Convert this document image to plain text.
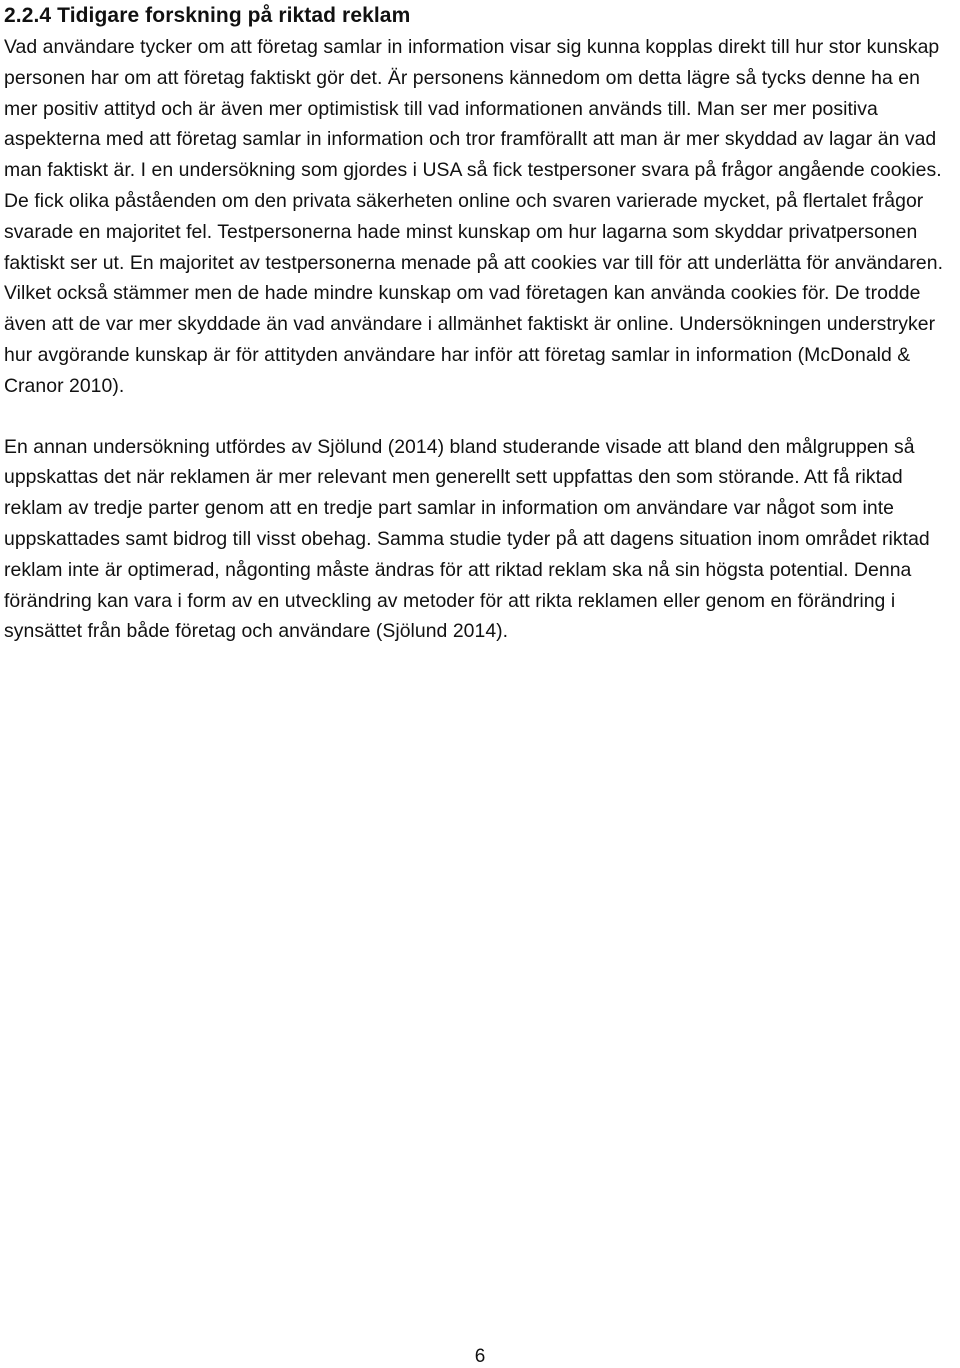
2.2.4 Tidigare forskning på riktad reklam

Vad användare tycker om att företag samlar in information visar sig kunna kopplas direkt till hur stor kunskap personen har om att företag faktiskt gör det. Är personens kännedom om detta lägre så tycks denne ha en mer positiv attityd och är även mer optimistisk till vad informationen används till. Man ser mer positiva aspekterna med att företag samlar in information och tror framförallt att man är mer skyddad av lagar än vad man faktiskt är. I en undersökning som gjordes i USA så fick testpersoner svara på frågor angående cookies. De fick olika påståenden om den privata säkerheten online och svaren varierade mycket, på flertalet frågor svarade en majoritet fel. Testpersonerna hade minst kunskap om hur lagarna som skyddar privatpersonen faktiskt ser ut. En majoritet av testpersonerna menade på att cookies var till för att underlätta för användaren. Vilket också stämmer men de hade mindre kunskap om vad företagen kan använda cookies för. De trodde även att de var mer skyddade än vad användare i allmänhet faktiskt är online. Undersökningen understryker hur avgörande kunskap är för attityden användare har inför att företag samlar in information (McDonald & Cranor 2010).

En annan undersökning utfördes av Sjölund (2014) bland studerande visade att bland den målgruppen så uppskattas det när reklamen är mer relevant men generellt sett uppfattas den som störande. Att få riktad reklam av tredje parter genom att en tredje part samlar in information om användare var något som inte uppskattades samt bidrog till visst obehag. Samma studie tyder på att dagens situation inom området riktad reklam inte är optimerad, någonting måste ändras för att riktad reklam ska nå sin högsta potential. Denna förändring kan vara i form av en utveckling av metoder för att rikta reklamen eller genom en förändring i synsättet från både företag och användare (Sjölund 2014).

6
